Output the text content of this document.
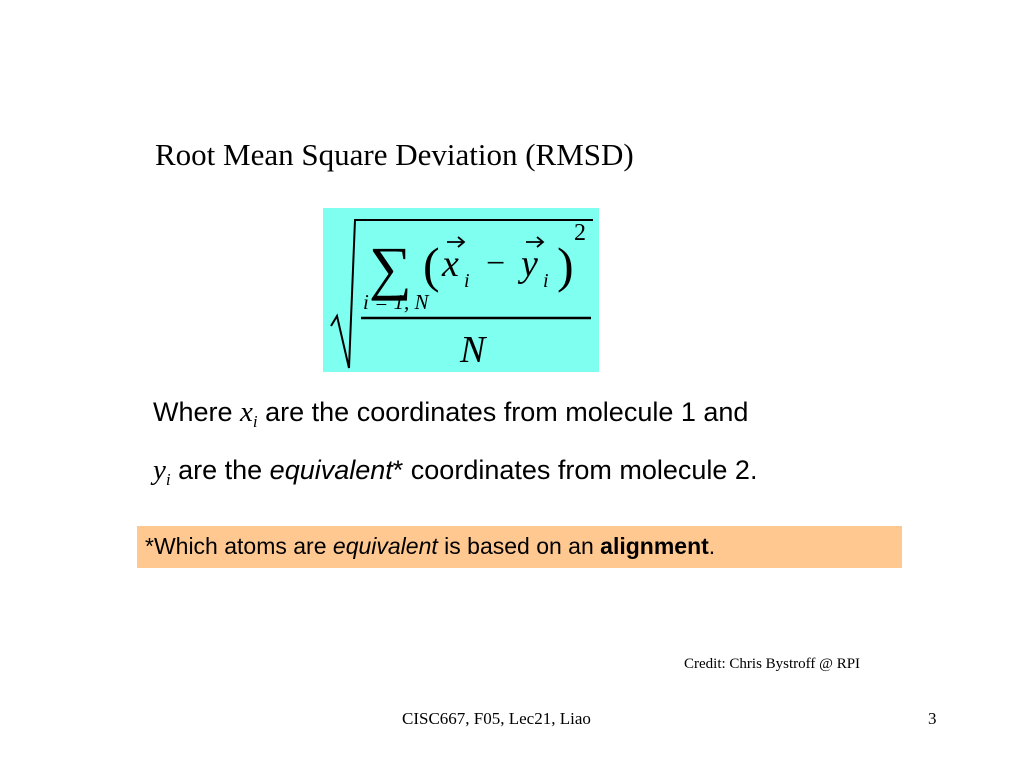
Root Mean Square Deviation (RMSD)
∑ ( x i − y i )
2
i = 1, N
N
Where $x_i$ are the coordinates from molecule 1 and
$y_i$ are the equivalent* coordinates from molecule 2.
*Which atoms are equivalent is based on an alignment.
Credit: Chris Bystroff @ RPI
CISC667, F05, Lec21, Liao	3
